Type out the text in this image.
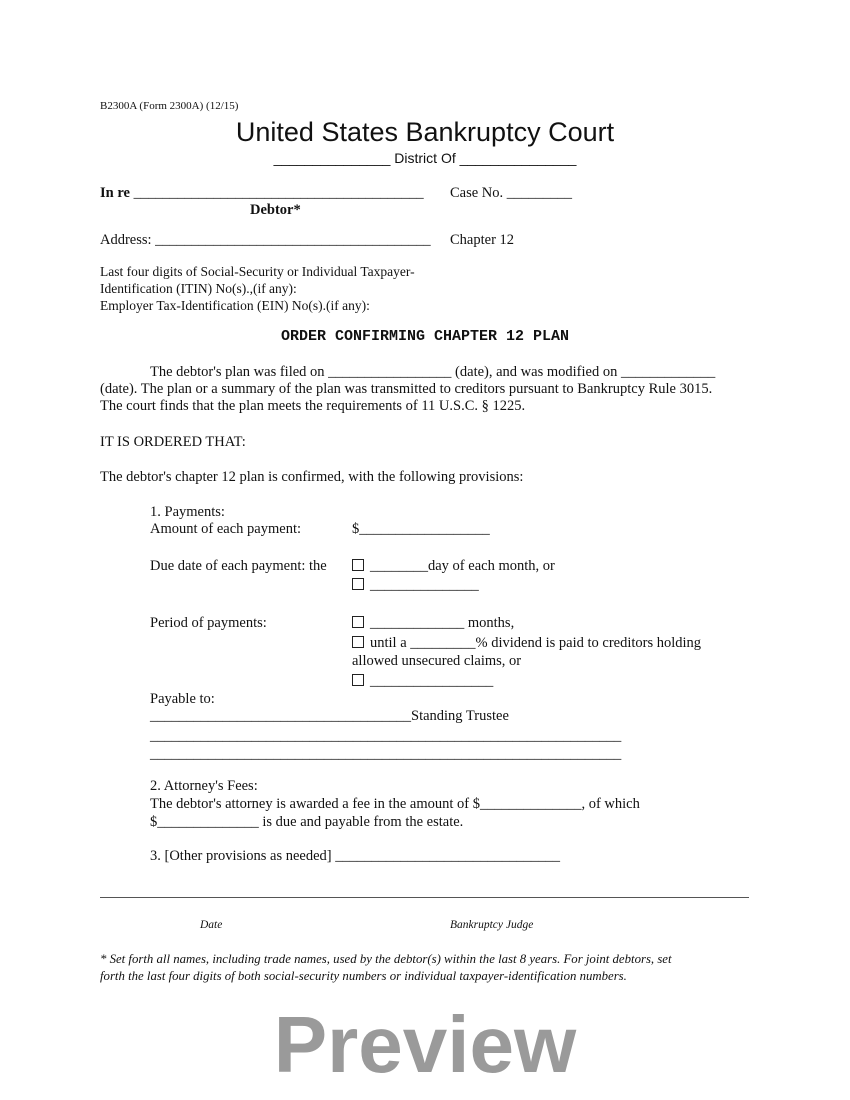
B2300A (Form 2300A) (12/15)
United States Bankruptcy Court
_______________ District Of _______________
In re ________________________________________
Debtor*
Case No. _________
Address: ______________________________________ Chapter 12
Last four digits of Social-Security or Individual Taxpayer-
Identification (ITIN) No(s).,(if any):
Employer Tax-Identification (EIN) No(s).(if any):
ORDER CONFIRMING CHAPTER 12 PLAN
The debtor's plan was filed on _________________ (date), and was modified on _____________
(date). The plan or a summary of the plan was transmitted to creditors pursuant to Bankruptcy Rule 3015.
The court finds that the plan meets the requirements of 11 U.S.C. § 1225.
IT IS ORDERED THAT:
The debtor's chapter 12 plan is confirmed, with the following provisions:
1. Payments:
Amount of each payment:	$__________________
Due date of each payment: the	________day of each month, or
_______________
Period of payments:	_____________ months,
until a _________% dividend is paid to creditors holding
allowed unsecured claims, or
_________________
Payable to:
____________________________________Standing Trustee
_________________________________________________________________
_________________________________________________________________
2. Attorney's Fees:
The debtor's attorney is awarded a fee in the amount of $______________, of which
$______________ is due and payable from the estate.
3. [Other provisions as needed] _______________________________
Date	Bankruptcy Judge
* Set forth all names, including trade names, used by the debtor(s) within the last 8 years. For joint debtors, set
forth the last four digits of both social-security numbers or individual taxpayer-identification numbers.
Preview
